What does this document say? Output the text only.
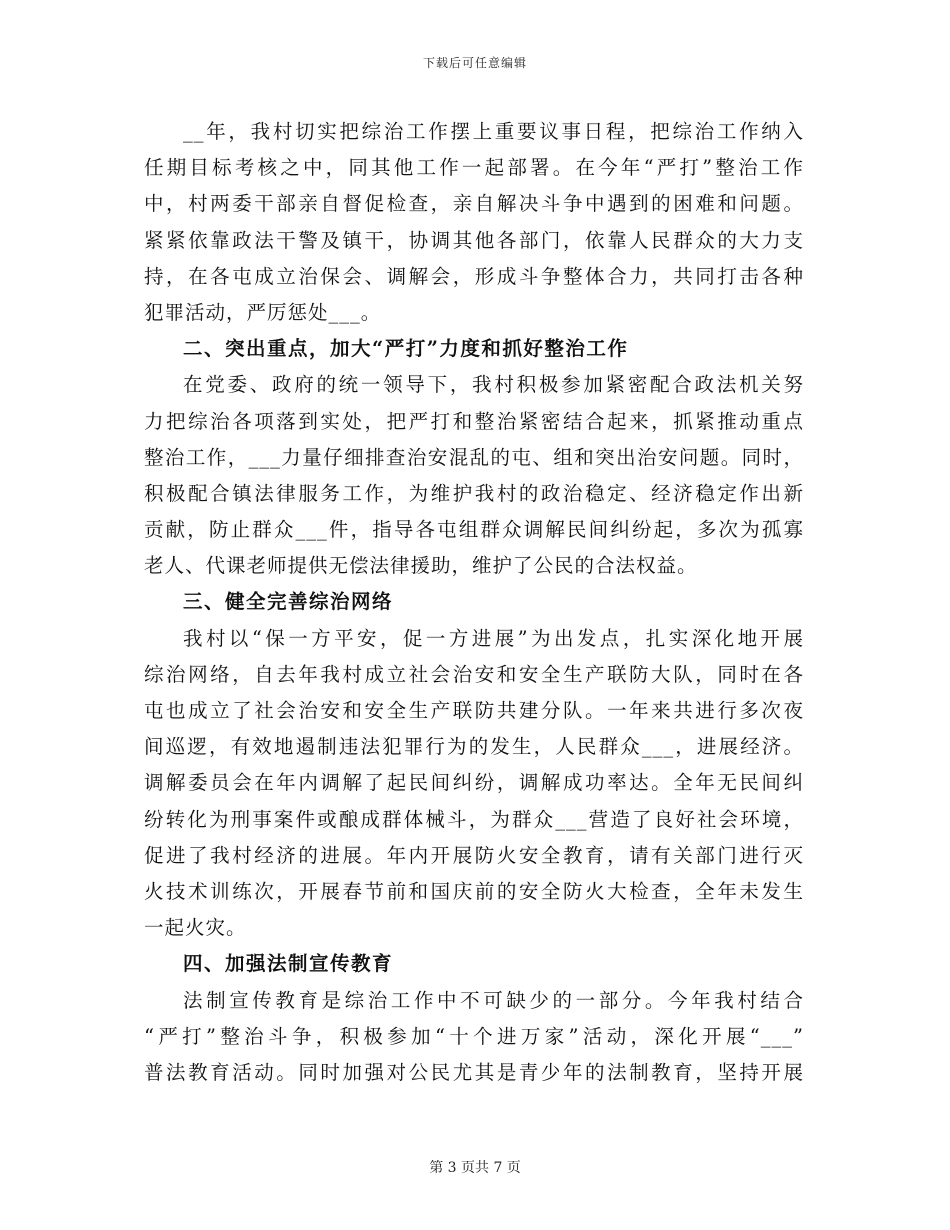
下载后可任意编辑
__年，我村切实把综治工作摆上重要议事日程，把综治工作纳入
任期目标考核之中，同其他工作一起部署。在今年“严打”整治工作
中，村两委干部亲自督促检查，亲自解决斗争中遇到的困难和问题。
紧紧依靠政法干警及镇干，协调其他各部门，依靠人民群众的大力支
持，在各屯成立治保会、调解会，形成斗争整体合力，共同打击各种
犯罪活动，严厉惩处___。
二、突出重点，加大“严打”力度和抓好整治工作
在党委、政府的统一领导下，我村积极参加紧密配合政法机关努
力把综治各项落到实处，把严打和整治紧密结合起来，抓紧推动重点
整治工作，___力量仔细排查治安混乱的屯、组和突出治安问题。同时，
积极配合镇法律服务工作，为维护我村的政治稳定、经济稳定作出新
贡献，防止群众___件，指导各屯组群众调解民间纠纷起，多次为孤寡
老人、代课老师提供无偿法律援助，维护了公民的合法权益。
三、健全完善综治网络
我村以“保一方平安，促一方进展”为出发点，扎实深化地开展
综治网络，自去年我村成立社会治安和安全生产联防大队，同时在各
屯也成立了社会治安和安全生产联防共建分队。一年来共进行多次夜
间巡逻，有效地遏制违法犯罪行为的发生，人民群众___，进展经济。
调解委员会在年内调解了起民间纠纷，调解成功率达。全年无民间纠
纷转化为刑事案件或酿成群体械斗，为群众___营造了良好社会环境，
促进了我村经济的进展。年内开展防火安全教育，请有关部门进行灭
火技术训练次，开展春节前和国庆前的安全防火大检查，全年未发生
一起火灾。
四、加强法制宣传教育
法制宣传教育是综治工作中不可缺少的一部分。今年我村结合
“严打”整治斗争，积极参加“十个进万家”活动，深化开展“___”
普法教育活动。同时加强对公民尤其是青少年的法制教育，坚持开展
第 3 页共 7 页
